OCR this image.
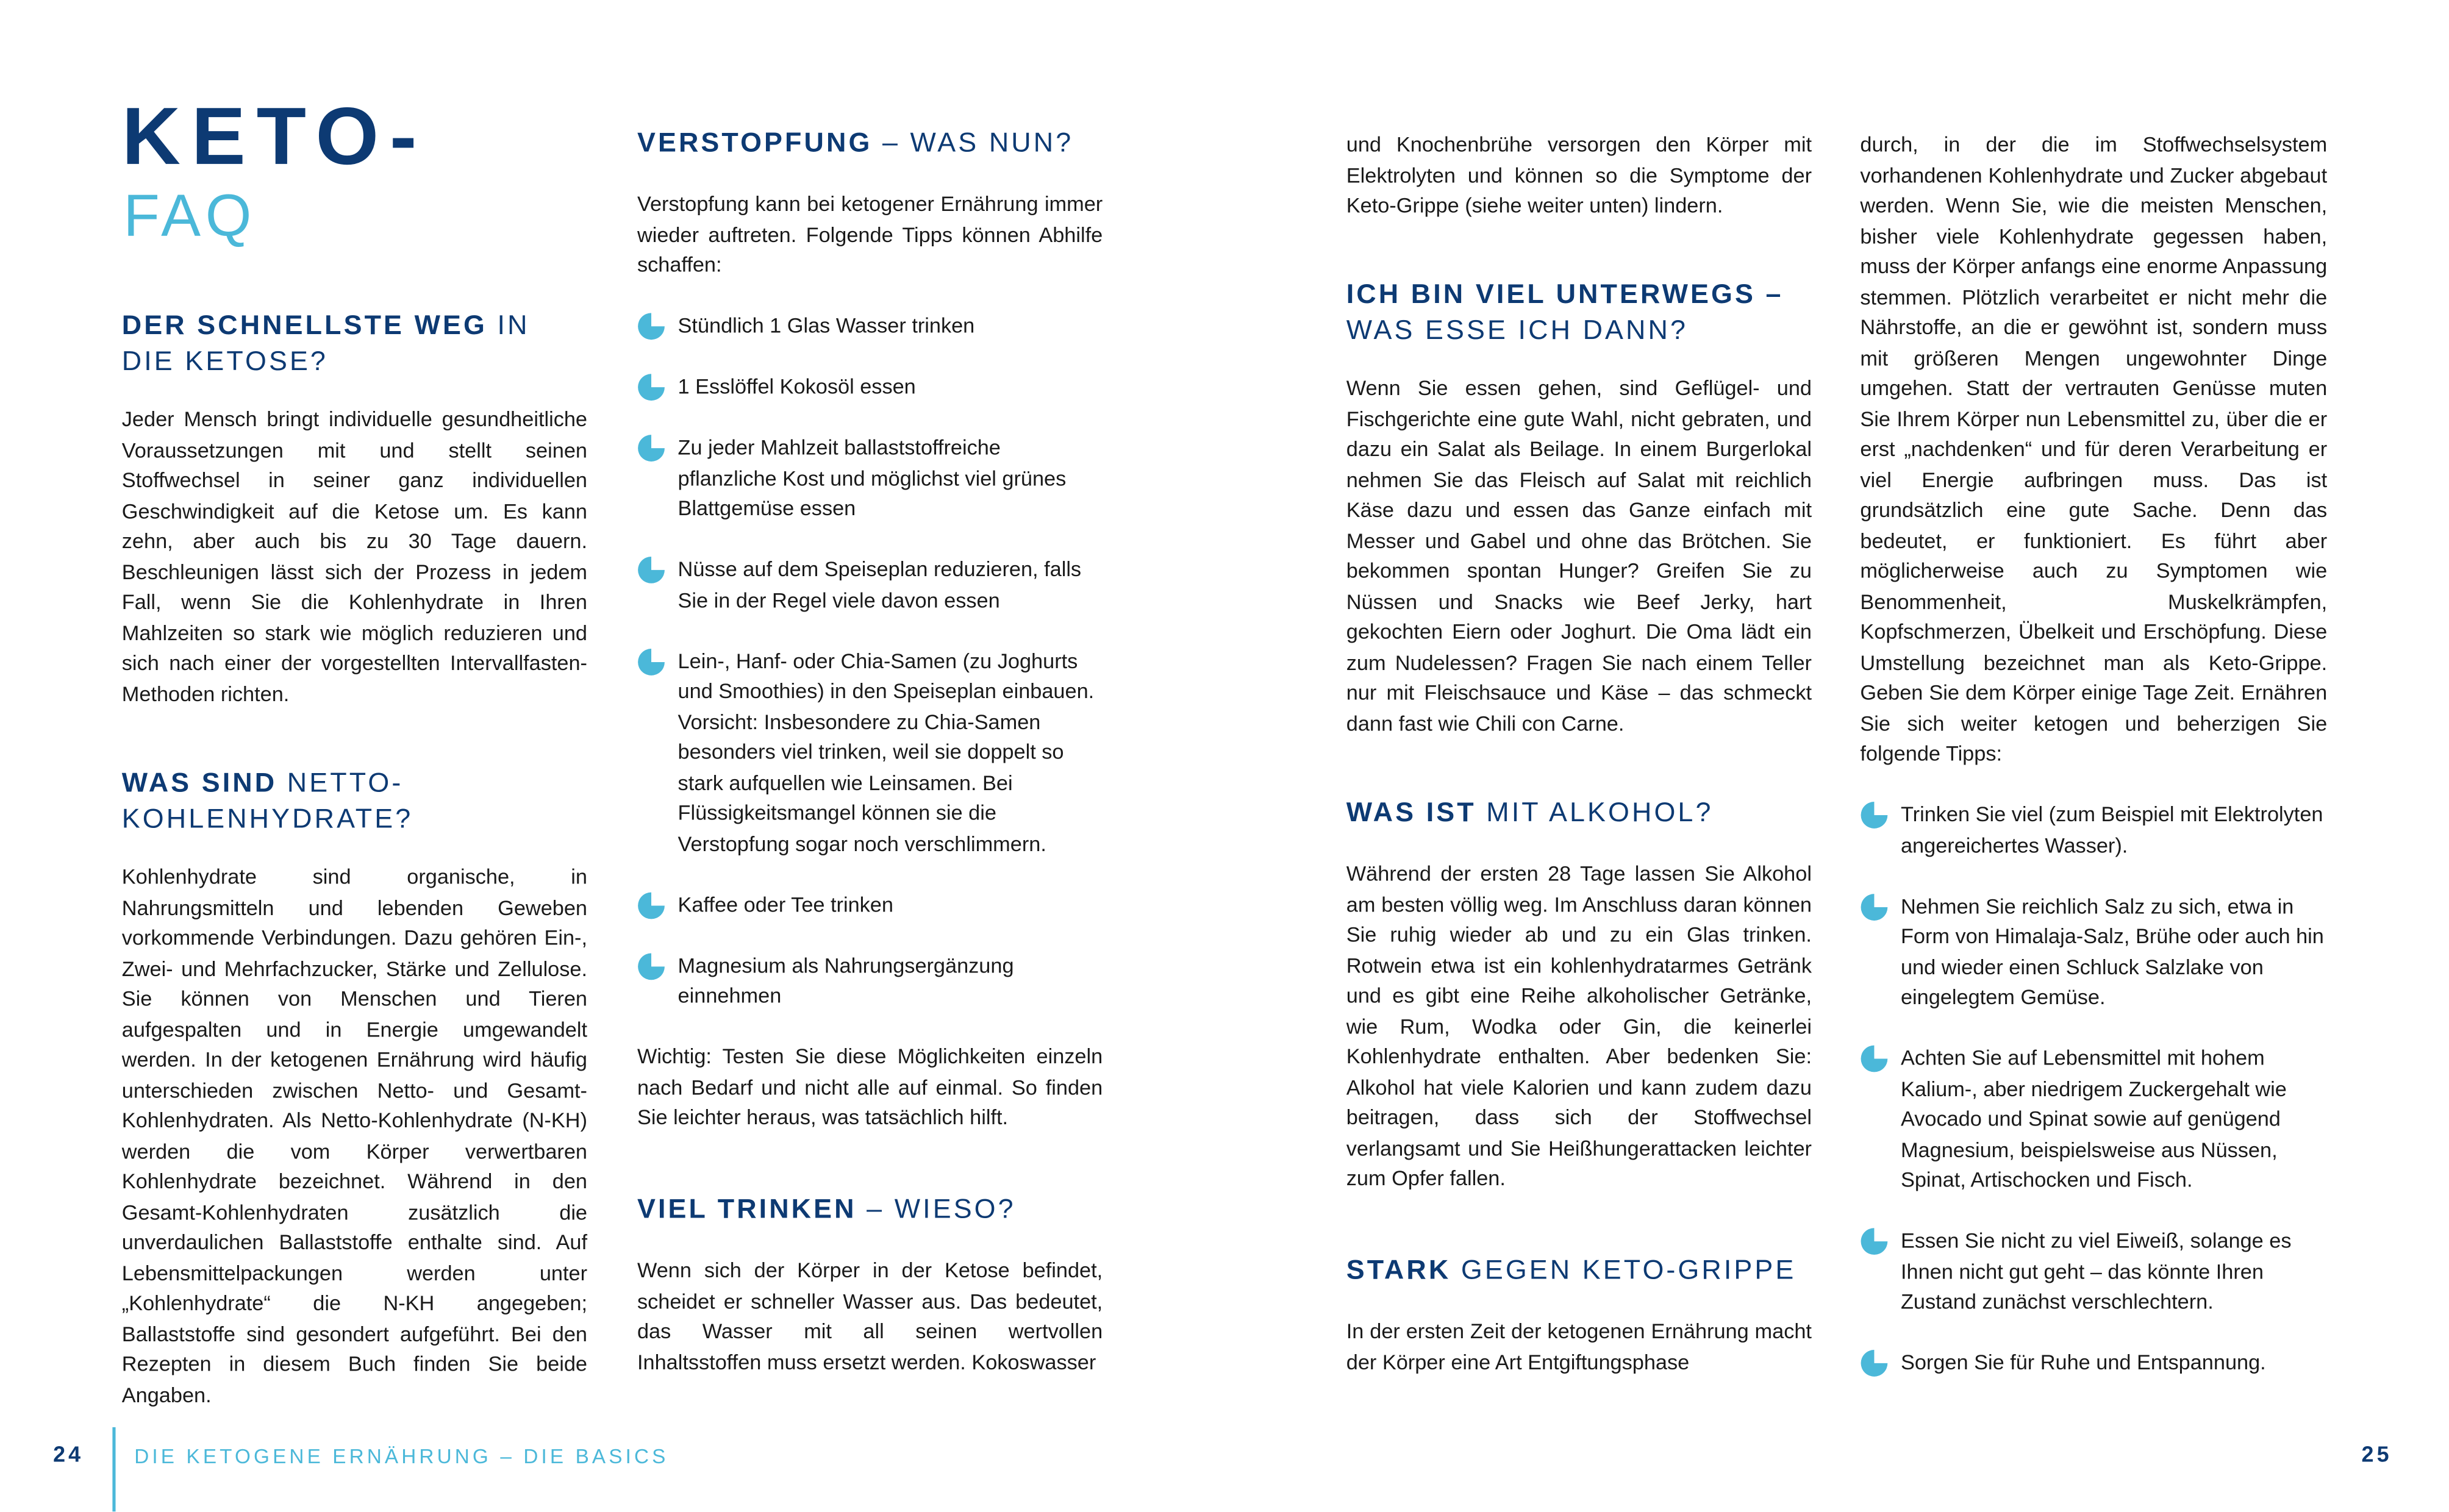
KETO-
FAQ
DER SCHNELLSTE WEG IN DIE KETOSE?

Jeder Mensch bringt individuelle gesundheitliche Voraussetzungen mit und stellt seinen Stoffwechsel in seiner ganz individuellen Geschwindigkeit auf die Ketose um. Es kann zehn, aber auch bis zu 30 Tage dauern. Beschleunigen lässt sich der Prozess in jedem Fall, wenn Sie die Kohlenhydrate in Ihren Mahlzeiten so stark wie möglich reduzieren und sich nach einer der vorgestellten Intervallfasten-Methoden richten.

WAS SIND NETTO-KOHLENHYDRATE?

Kohlenhydrate sind organische, in Nahrungsmitteln und lebenden Geweben vorkommende Verbindungen. Dazu gehören Ein-, Zwei- und Mehrfachzucker, Stärke und Zellulose. Sie können von Menschen und Tieren aufgespalten und in Energie umgewandelt werden. In der ketogenen Ernährung wird häufig unterschieden zwischen Netto- und Gesamt-Kohlenhydraten. Als Netto-Kohlenhydrate (N-KH) werden die vom Körper verwertbaren Kohlenhydrate bezeichnet. Während in den Gesamt-Kohlenhydraten zusätzlich die unverdaulichen Ballaststoffe enthalte sind. Auf Lebensmittelpackungen werden unter „Kohlenhydrate“ die N-KH angegeben; Ballaststoffe sind gesondert aufgeführt. Bei den Rezepten in diesem Buch finden Sie beide Angaben.

VERSTOPFUNG – WAS NUN?

Verstopfung kann bei ketogener Ernährung immer wieder auftreten. Folgende Tipps können Abhilfe schaffen:

Stündlich 1 Glas Wasser trinken
1 Esslöffel Kokosöl essen
Zu jeder Mahlzeit ballaststoffreiche pflanzliche Kost und möglichst viel grünes Blattgemüse essen
Nüsse auf dem Speiseplan reduzieren, falls Sie in der Regel viele davon essen
Lein-, Hanf- oder Chia-Samen (zu Joghurts und Smoothies) in den Speiseplan einbauen. Vorsicht: Insbesondere zu Chia-Samen besonders viel trinken, weil sie doppelt so stark aufquellen wie Leinsamen. Bei Flüssigkeitsmangel können sie die Verstopfung sogar noch verschlimmern.
Kaffee oder Tee trinken
Magnesium als Nahrungsergänzung einnehmen

Wichtig: Testen Sie diese Möglichkeiten einzeln nach Bedarf und nicht alle auf einmal. So finden Sie leichter heraus, was tatsächlich hilft.

VIEL TRINKEN – WIESO?

Wenn sich der Körper in der Ketose befindet, scheidet er schneller Wasser aus. Das bedeutet, das Wasser mit all seinen wertvollen Inhaltsstoffen muss ersetzt werden. Kokoswasser

und Knochenbrühe versorgen den Körper mit Elektrolyten und können so die Symptome der Keto-Grippe (siehe weiter unten) lindern.

ICH BIN VIEL UNTERWEGS – WAS ESSE ICH DANN?

Wenn Sie essen gehen, sind Geflügel- und Fischgerichte eine gute Wahl, nicht gebraten, und dazu ein Salat als Beilage. In einem Burgerlokal nehmen Sie das Fleisch auf Salat mit reichlich Käse dazu und essen das Ganze einfach mit Messer und Gabel und ohne das Brötchen. Sie bekommen spontan Hunger? Greifen Sie zu Nüssen und Snacks wie Beef Jerky, hart gekochten Eiern oder Joghurt. Die Oma lädt ein zum Nudelessen? Fragen Sie nach einem Teller nur mit Fleischsauce und Käse – das schmeckt dann fast wie Chili con Carne.

WAS IST MIT ALKOHOL?

Während der ersten 28 Tage lassen Sie Alkohol am besten völlig weg. Im Anschluss daran können Sie ruhig wieder ab und zu ein Glas trinken. Rotwein etwa ist ein kohlenhydratarmes Getränk und es gibt eine Reihe alkoholischer Getränke, wie Rum, Wodka oder Gin, die keinerlei Kohlenhydrate enthalten. Aber bedenken Sie: Alkohol hat viele Kalorien und kann zudem dazu beitragen, dass sich der Stoffwechsel verlangsamt und Sie Heißhungerattacken leichter zum Opfer fallen.

STARK GEGEN KETO-GRIPPE

In der ersten Zeit der ketogenen Ernährung macht der Körper eine Art Entgiftungsphase

durch, in der die im Stoffwechselsystem vorhandenen Kohlenhydrate und Zucker abgebaut werden. Wenn Sie, wie die meisten Menschen, bisher viele Kohlenhydrate gegessen haben, muss der Körper anfangs eine enorme Anpassung stemmen. Plötzlich verarbeitet er nicht mehr die Nährstoffe, an die er gewöhnt ist, sondern muss mit größeren Mengen ungewohnter Dinge umgehen. Statt der vertrauten Genüsse muten Sie Ihrem Körper nun Lebensmittel zu, über die er erst „nachdenken“ und für deren Verarbeitung er viel Energie aufbringen muss. Das ist grundsätzlich eine gute Sache. Denn das bedeutet, er funktioniert. Es führt aber möglicherweise auch zu Symptomen wie Benommenheit, Muskelkrämpfen, Kopfschmerzen, Übelkeit und Erschöpfung. Diese Umstellung bezeichnet man als Keto-Grippe. Geben Sie dem Körper einige Tage Zeit. Ernähren Sie sich weiter ketogen und beherzigen Sie folgende Tipps:

Trinken Sie viel (zum Beispiel mit Elektrolyten angereichertes Wasser).
Nehmen Sie reichlich Salz zu sich, etwa in Form von Himalaja-Salz, Brühe oder auch hin und wieder einen Schluck Salzlake von eingelegtem Gemüse.
Achten Sie auf Lebensmittel mit hohem Kalium-, aber niedrigem Zuckergehalt wie Avocado und Spinat sowie auf genügend Magnesium, beispielsweise aus Nüssen, Spinat, Artischocken und Fisch.
Essen Sie nicht zu viel Eiweiß, solange es Ihnen nicht gut geht – das könnte Ihren Zustand zunächst verschlechtern.
Sorgen Sie für Ruhe und Entspannung.
24	DIE KETOGENE ERNÄHRUNG – DIE BASICS	25
